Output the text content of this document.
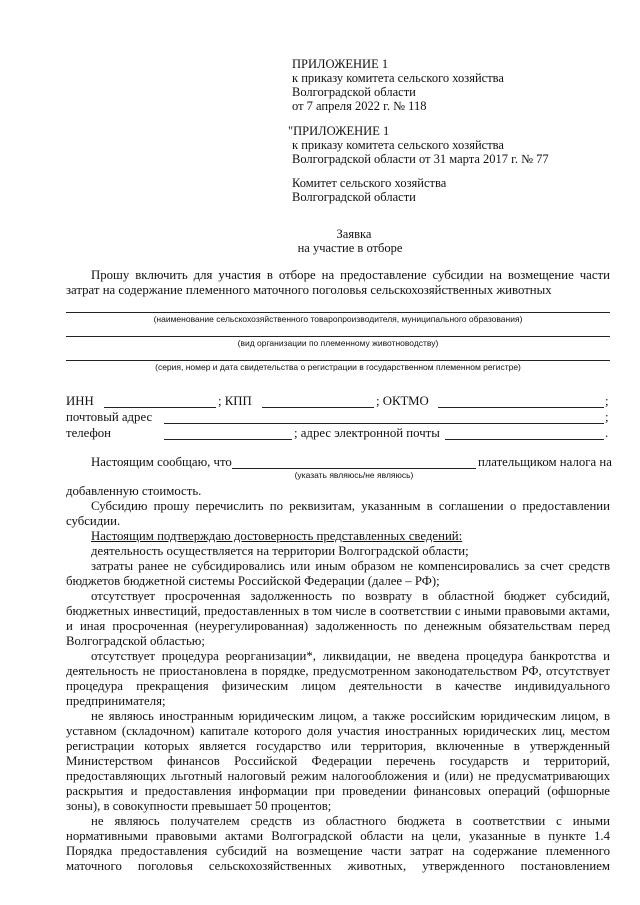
ПРИЛОЖЕНИЕ 1
к приказу комитета сельского хозяйства
Волгоградской области
от 7 апреля 2022 г. № 118
"ПРИЛОЖЕНИЕ 1
к приказу комитета сельского хозяйства
Волгоградской области от 31 марта 2017 г. № 77
Комитет сельского хозяйства
Волгоградской области
Заявка
на участие в отборе
Прошу включить для участия в отборе на предоставление субсидии на возмещение части
затрат на содержание племенного маточного поголовья сельскохозяйственных животных
(наименование сельскохозяйственного товаропроизводителя, муниципального образования)
(вид организации по племенному животноводству)
(серия, номер и дата свидетельства о регистрации в государственном племенном регистре)
ИНН	; КПП	; ОКТМО	;
почтовый адрес	;
телефон	; адрес электронной почты	.
Настоящим сообщаю, что	плательщиком налога на
(указать являюсь/не являюсь)
добавленную стоимость.
Субсидию прошу перечислить по реквизитам, указанным в соглашении о предоставлении
субсидии.
Настоящим подтверждаю достоверность представленных сведений:
деятельность осуществляется на территории Волгоградской области;
затраты ранее не субсидировались или иным образом не компенсировались за счет средств
бюджетов бюджетной системы Российской Федерации (далее – РФ);
отсутствует просроченная задолженность по возврату в областной бюджет субсидий,
бюджетных инвестиций, предоставленных в том числе в соответствии с иными правовыми актами,
и иная просроченная (неурегулированная) задолженность по денежным обязательствам перед
Волгоградской областью;
отсутствует процедура реорганизации*, ликвидации, не введена процедура банкротства и
деятельность не приостановлена в порядке, предусмотренном законодательством РФ, отсутствует
процедура прекращения физическим лицом деятельности в качестве индивидуального
предпринимателя;
не являюсь иностранным юридическим лицом, а также российским юридическим лицом, в
уставном (складочном) капитале которого доля участия иностранных юридических лиц, местом
регистрации которых является государство или территория, включенные в утвержденный
Министерством финансов Российской Федерации перечень государств и территорий,
предоставляющих льготный налоговый режим налогообложения и (или) не предусматривающих
раскрытия и предоставления информации при проведении финансовых операций (офшорные
зоны), в совокупности превышает 50 процентов;
не являюсь получателем средств из областного бюджета в соответствии с иными
нормативными правовыми актами Волгоградской области на цели, указанные в пункте 1.4
Порядка предоставления субсидий на возмещение части затрат на содержание племенного
маточного поголовья сельскохозяйственных животных, утвержденного постановлением
